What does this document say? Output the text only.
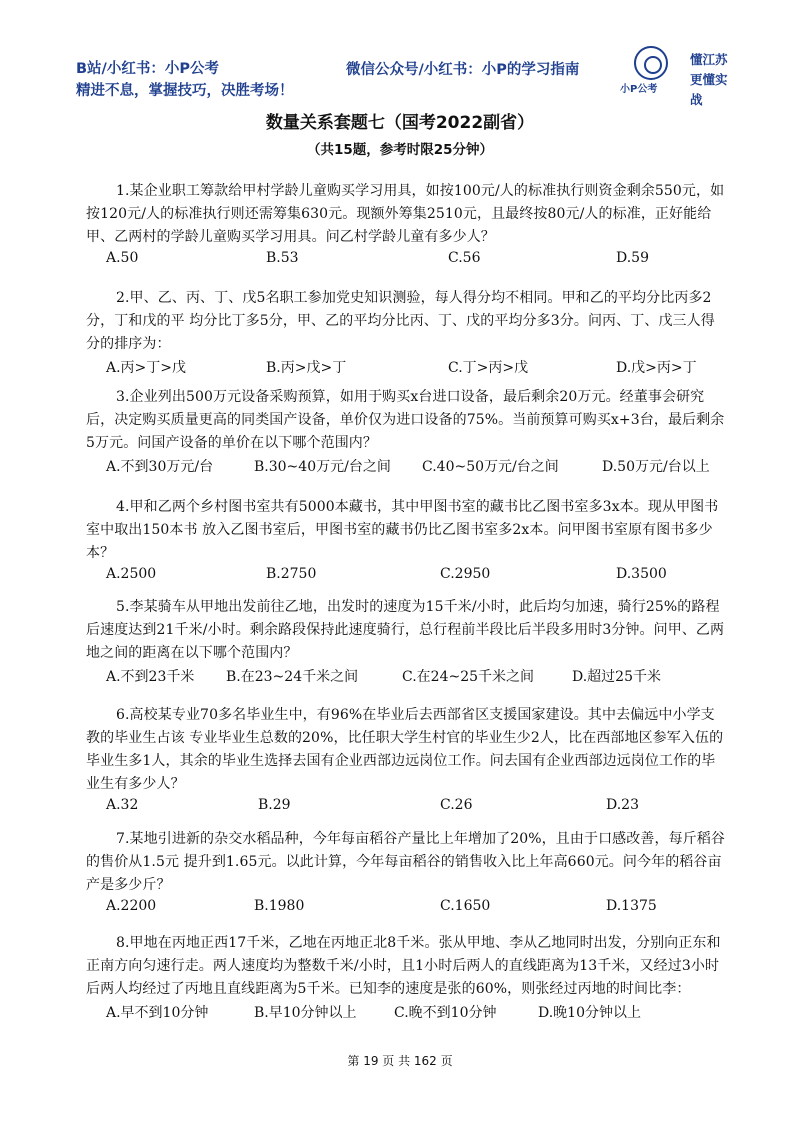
B站/小红书：小P公考
精进不息，掌握技巧，决胜考场！
微信公众号/小红书：小P的学习指南
小P公考
懂江苏
更懂实战
数量关系套题七（国考2022副省）
（共15题，参考时限25分钟）

1.某企业职工筹款给甲村学龄儿童购买学习用具，如按100元/人的标准执行则资金剩余550元，如按120元/人的标准执行则还需筹集630元。现额外筹集2510元，且最终按80元/人的标准，正好能给甲、乙两村的学龄儿童购买学习用具。问乙村学龄儿童有多少人？

A.50	B.53	C.56	D.59

2.甲、乙、丙、丁、戊5名职工参加党史知识测验，每人得分均不相同。甲和乙的平均分比丙多2分，丁和戊的平 均分比丁多5分，甲、乙的平均分比丙、丁、戊的平均分多3分。问丙、丁、戊三人得分的排序为：

A.丙>丁>戊	B.丙>戊>丁	C.丁>丙>戊	D.戊>丙>丁

3.企业列出500万元设备采购预算，如用于购买x台进口设备，最后剩余20万元。经董事会研究后，决定购买质量更高的同类国产设备，单价仅为进口设备的75%。当前预算可购买x+3台，最后剩余5万元。问国产设备的单价在以下哪个范围内？

A.不到30万元/台	B.30~40万元/台之间 C.40~50万元/台之间	D.50万元/台以上

4.甲和乙两个乡村图书室共有5000本藏书，其中甲图书室的藏书比乙图书室多3x本。现从甲图书室中取出150本书 放入乙图书室后，甲图书室的藏书仍比乙图书室多2x本。问甲图书室原有图书多少本？

A.2500	B.2750	C.2950	D.3500

5.李某骑车从甲地出发前往乙地，出发时的速度为15千米/小时，此后均匀加速，骑行25%的路程后速度达到21千米/小时。剩余路段保持此速度骑行，总行程前半段比后半段多用时3分钟。问甲、乙两地之间的距离在以下哪个范围内？

A.不到23千米 B.在23~24千米之间	C.在24~25千米之间	D.超过25千米

6.高校某专业70多名毕业生中，有96%在毕业后去西部省区支援国家建设。其中去偏远中小学支教的毕业生占该 专业毕业生总数的20%，比任职大学生村官的毕业生少2人，比在西部地区参军入伍的毕业生多1人，其余的毕业生选择去国有企业西部边远岗位工作。问去国有企业西部边远岗位工作的毕业生有多少人？

A.32	B.29	C.26	D.23

7.某地引进新的杂交水稻品种，今年每亩稻谷产量比上年增加了20%，且由于口感改善，每斤稻谷的售价从1.5元 提升到1.65元。以此计算，今年每亩稻谷的销售收入比上年高660元。问今年的稻谷亩产是多少斤？

A.2200	B.1980	C.1650	D.1375

8.甲地在丙地正西17千米，乙地在丙地正北8千米。张从甲地、李从乙地同时出发，分别向正东和正南方向匀速行走。两人速度均为整数千米/小时，且1小时后两人的直线距离为13千米，又经过3小时后两人均经过了丙地且直线距离为5千米。已知李的速度是张的60%，则张经过丙地的时间比李：

A.早不到10分钟	B.早10分钟以上	C.晚不到10分钟	D.晚10分钟以上
第 19 页 共 162 页
